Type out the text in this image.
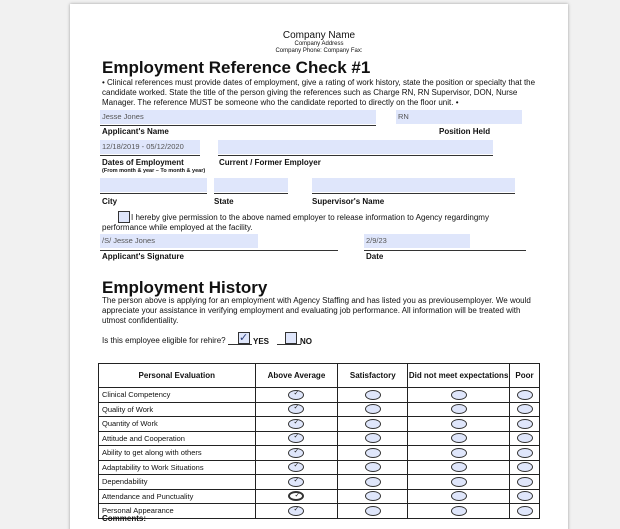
Company Name
Company Address
Company Phone: Company Fax:
Employment Reference Check #1
• Clinical references must provide dates of employment, give a rating of work history, state the position or specialty that the candidate worked. State the title of the person giving the references such as Charge RN, RN Supervisor, DON, Nurse Manager. The reference MUST be someone who the candidate reported to directly on the floor unit. •
Jesse Jones	RN
Applicant's Name	Position Held
12/18/2019 - 05/12/2020
Dates of Employment
(From month & year – To month & year)
Current / Former Employer
City	State	Supervisor's Name
I hereby give permission to the above named employer to release information to Agency regardingmy
performance while employed at the facility.
/S/ Jesse Jones	2/9/23
Applicant's Signature	Date
Employment History
The person above is applying for an employment with Agency Staffing and has listed you as previousemployer. We would appreciate your assistance in verifying employment and evaluating job performance. All information will be treated with utmost confidentiality.
Is this employee eligible for rehire? ✓ YES	NO
Personal Evaluation	Above Average	Satisfactory	Did not meet expectations	Poor
Clinical Competency	✓			
Quality of Work	✓			
Quantity of Work	✓			
Attitude and Cooperation	✓			
Ability to get along with others	✓			
Adaptability to Work Situations	✓			
Dependability	✓			
Attendance and Punctuality	✓			
Personal Appearance	✓			
Comments:
